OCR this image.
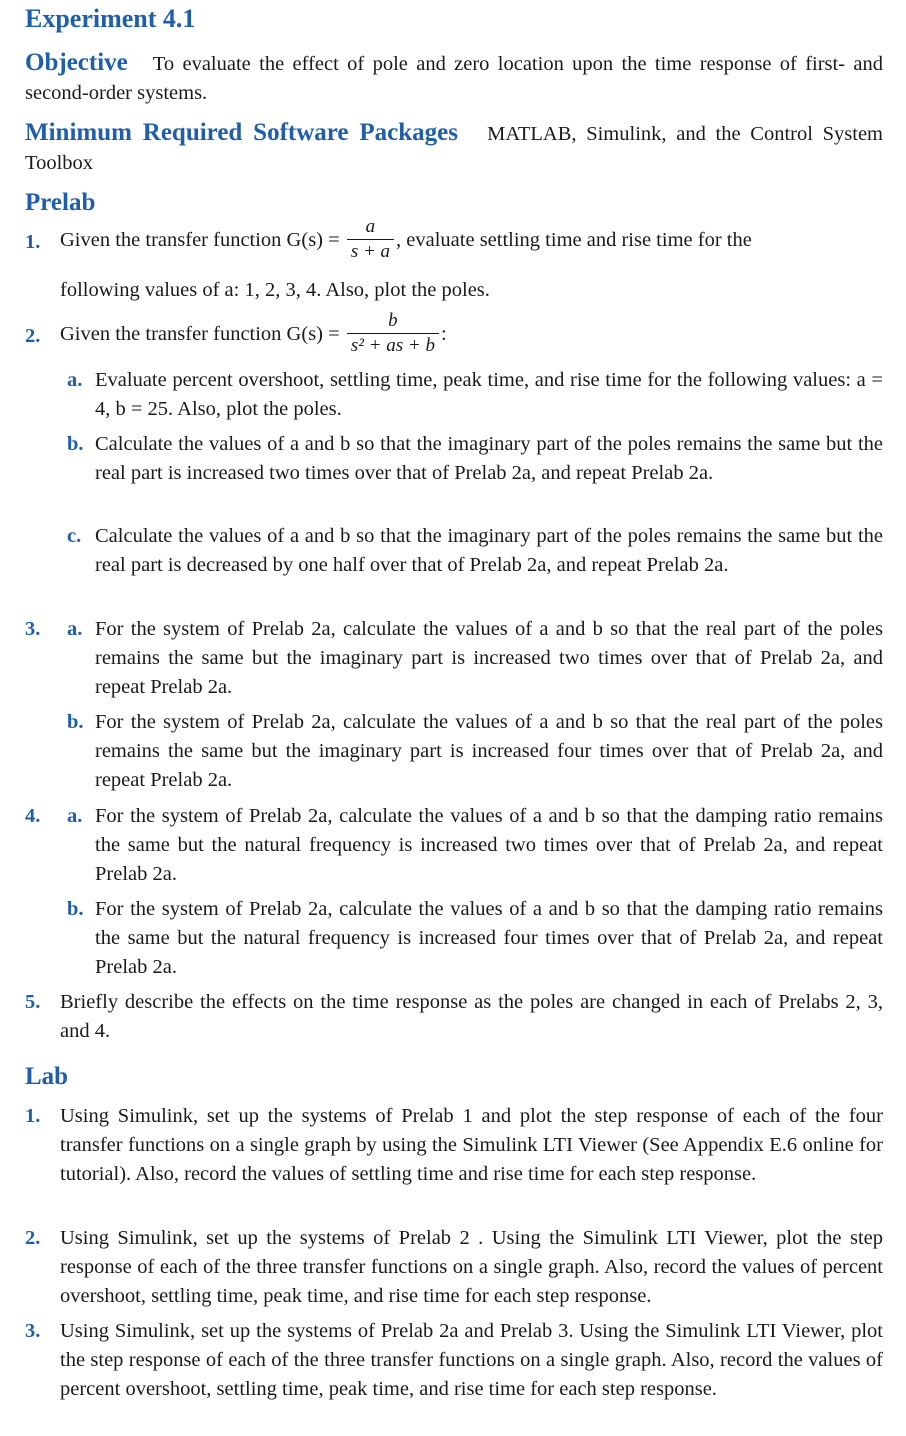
Experiment 4.1
Objective To evaluate the effect of pole and zero location upon the time response of first- and second-order systems.
Minimum Required Software Packages MATLAB, Simulink, and the Control System Toolbox
Prelab
1. Given the transfer function $G(s) = \frac{a}{s + a}$ , evaluate settling time and rise time for the
following values of a: 1, 2, 3, 4. Also, plot the poles.
2. Given the transfer function $G(s) = \frac{b}{\text{s² + as + b}}$ :
a. Evaluate percent overshoot, settling time, peak time, and rise time for the following values: a = 4, b = 25. Also, plot the poles.
b. Calculate the values of a and b so that the imaginary part of the poles remains the same but the real part is increased two times over that of Prelab 2a, and repeat Prelab 2a.
c. Calculate the values of a and b so that the imaginary part of the poles remains the same but the real part is decreased by one half over that of Prelab 2a, and repeat Prelab 2a.
3. a. For the system of Prelab 2a, calculate the values of a and b so that the real part of the poles remains the same but the imaginary part is increased two times over that of Prelab 2a, and repeat Prelab 2a.
b. For the system of Prelab 2a, calculate the values of a and b so that the real part of the poles remains the same but the imaginary part is increased four times over that of Prelab 2a, and repeat Prelab 2a.
4. a. For the system of Prelab 2a, calculate the values of a and b so that the damping ratio remains the same but the natural frequency is increased two times over that of Prelab 2a, and repeat Prelab 2a.
b. For the system of Prelab 2a, calculate the values of a and b so that the damping ratio remains the same but the natural frequency is increased four times over that of Prelab 2a, and repeat Prelab 2a.
5. Briefly describe the effects on the time response as the poles are changed in each of Prelabs 2, 3, and 4.
Lab
1. Using Simulink, set up the systems of Prelab 1 and plot the step response of each of the four transfer functions on a single graph by using the Simulink LTI Viewer (See Appendix E.6 online for tutorial). Also, record the values of settling time and rise time for each step response.
2. Using Simulink, set up the systems of Prelab 2 . Using the Simulink LTI Viewer, plot the step response of each of the three transfer functions on a single graph. Also, record the values of percent overshoot, settling time, peak time, and rise time for each step response.
3. Using Simulink, set up the systems of Prelab 2a and Prelab 3. Using the Simulink LTI Viewer, plot the step response of each of the three transfer functions on a single graph. Also, record the values of percent overshoot, settling time, peak time, and rise time for each step response.
